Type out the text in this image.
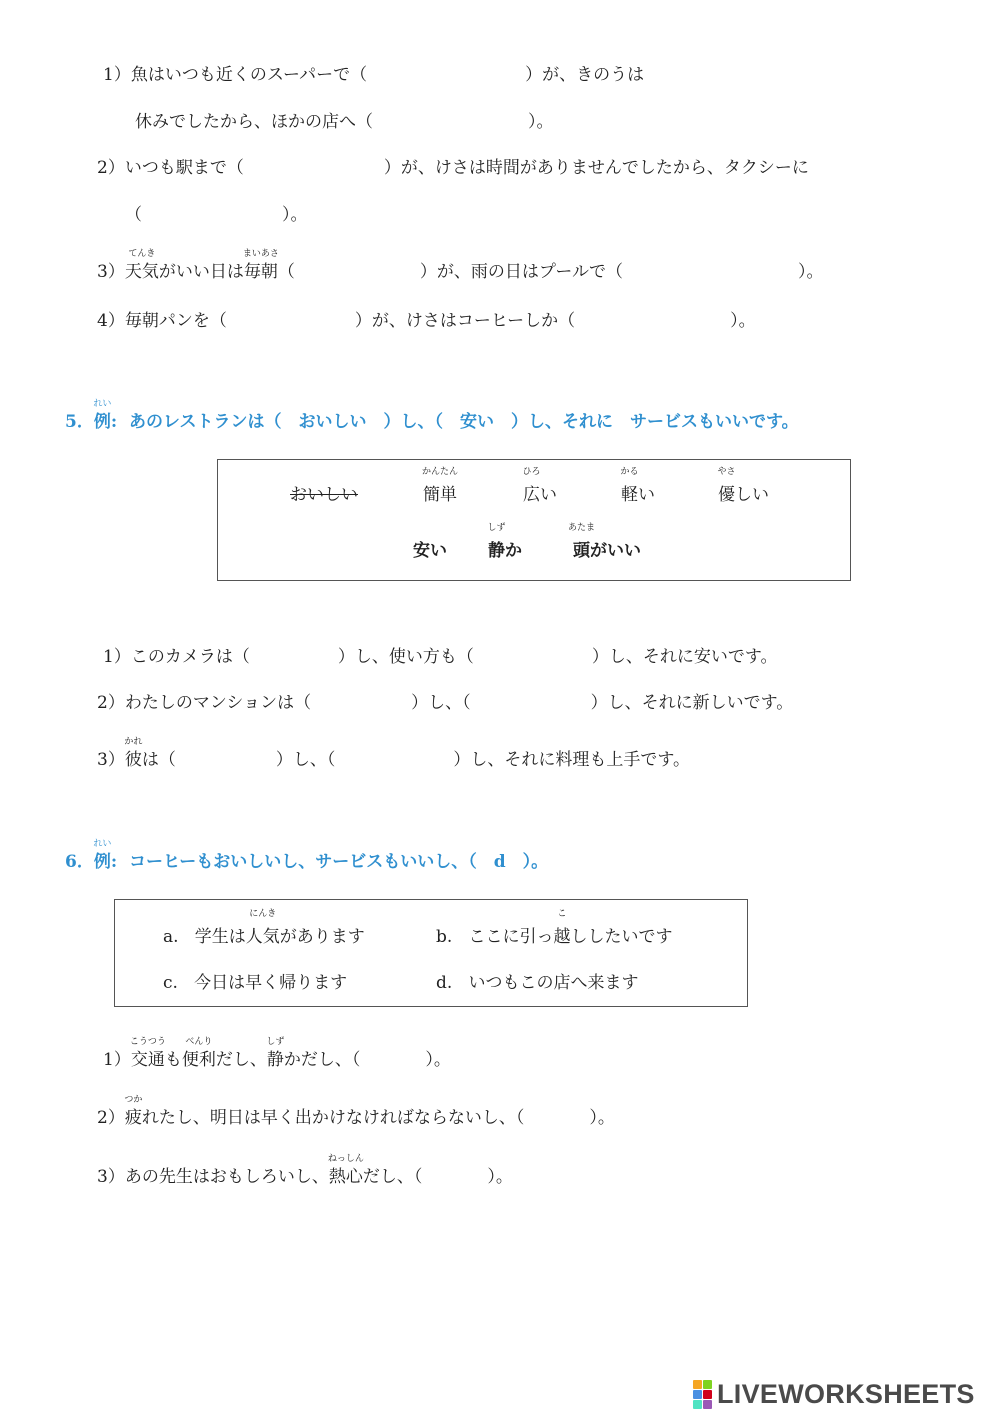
1）魚はいつも近くのスーパーで（	）が、きのうは
休みでしたから、ほかの店へ（	）。
2）いつも駅まで（	）が、けさは時間がありませんでしたから、タクシーに
（	）。
3）天気
てんき
がいい日は毎朝
まいあさ
（	）が、雨の日はプールで（	）。
4）毎朝パンを（	）が、けさはコーヒーしか（	）。
5．例
れい
: あのレストランは（　おいしい　）し、（　安い　）し、それに　サービスもいいです。
おいしい	簡単
かんたん
広
ひろ
い	軽
かる
い	優
やさ
しい
安い 静
しず
か	頭
あたま
がいい
1）このカメラは（	）し、使い方も（	）し、それに安いです。
2）わたしのマンションは（	）し、（	）し、それに新しいです。
3）彼
かれ
は（	）し、（	）し、それに料理も上手です。
6．例
れい
: コーヒーもおいしいし、サービスもいいし、（　d　）。
a. 学生は人気
にんき
があります	b. ここに引っ越
こ
ししたいです
c. 今日は早く帰ります	d. いつもこの店へ来ます
1）交通
こうつう
も便利
べんり
だし、静
しず
かだし、（	）。
2）疲
つか
れたし、明日は早く出かけなければならないし、（	）。
3）あの先生はおもしろいし、熱心
ねっしん
だし、（	）。
LIVEWORKSHEETS
